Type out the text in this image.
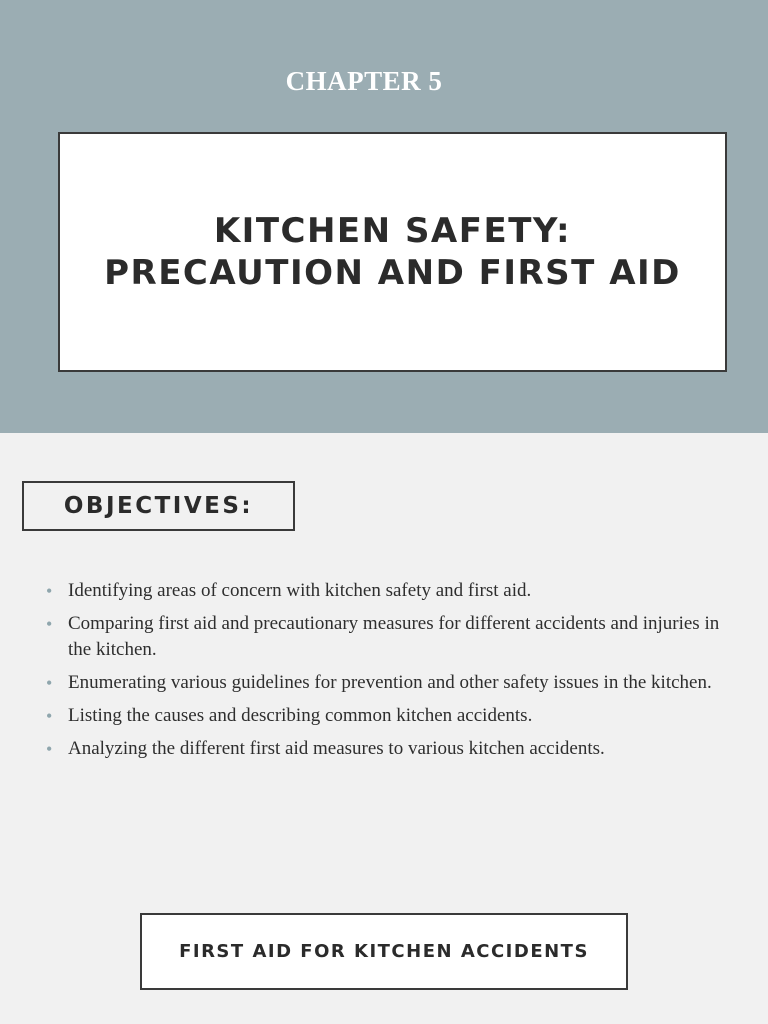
CHAPTER 5
KITCHEN SAFETY: PRECAUTION AND FIRST AID
OBJECTIVES:
• Identifying areas of concern with kitchen safety and first aid.
• Comparing first aid and precautionary measures for different accidents and injuries in the kitchen.
• Enumerating various guidelines for prevention and other safety issues in the kitchen.
• Listing the causes and describing common kitchen accidents.
• Analyzing the different first aid measures to various kitchen accidents.
FIRST AID FOR KITCHEN ACCIDENTS
